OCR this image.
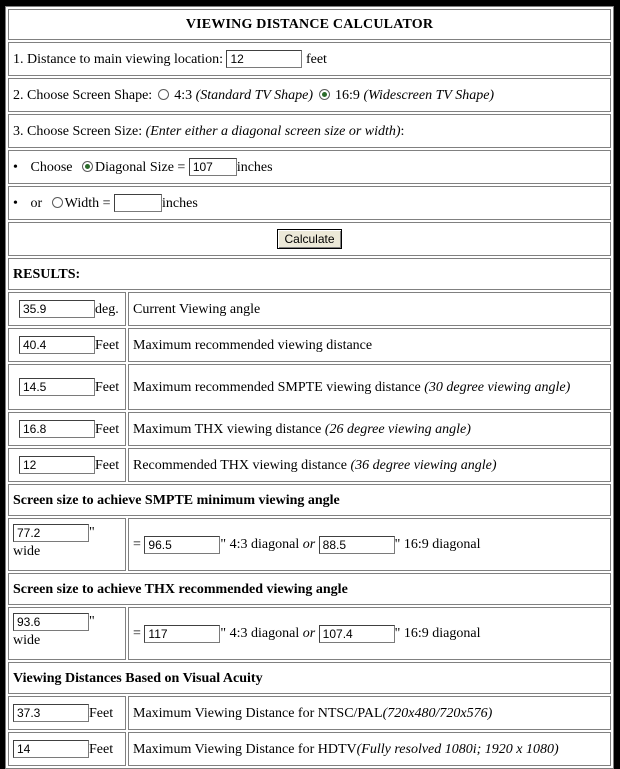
VIEWING DISTANCE CALCULATOR	
1. Distance to main viewing location: 12 feet
2. Choose Screen Shape: 4:3 (Standard TV Shape) 16:9 (Widescreen TV Shape)	
3. Choose Screen Size: (Enter either a diagonal screen size or width):	
• Choose Diagonal Size = 107 inches
• or Width = inches	
Calculate	
RESULTS:	
35.9deg.	Current Viewing angle
40.4Feet	Maximum recommended viewing distance
14.5Feet	Maximum recommended SMPTE viewing distance (30 degree viewing angle)
16.8Feet	Maximum THX viewing distance (26 degree viewing angle)
12Feet	Recommended THX viewing distance (36 degree viewing angle)
Screen size to achieve SMPTE minimum viewing angle	
77.2"
wide	= 96.5 " 4:3 diagonal or 88.5 " 16:9 diagonal
Screen size to achieve THX recommended viewing angle	
93.6"
wide	= 117 " 4:3 diagonal or 107.4 " 16:9 diagonal
Viewing Distances Based on Visual Acuity	
37.3Feet	Maximum Viewing Distance for NTSC/PAL(720x480/720x576)
14Feet	Maximum Viewing Distance for HDTV(Fully resolved 1080i; 1920 x 1080)
